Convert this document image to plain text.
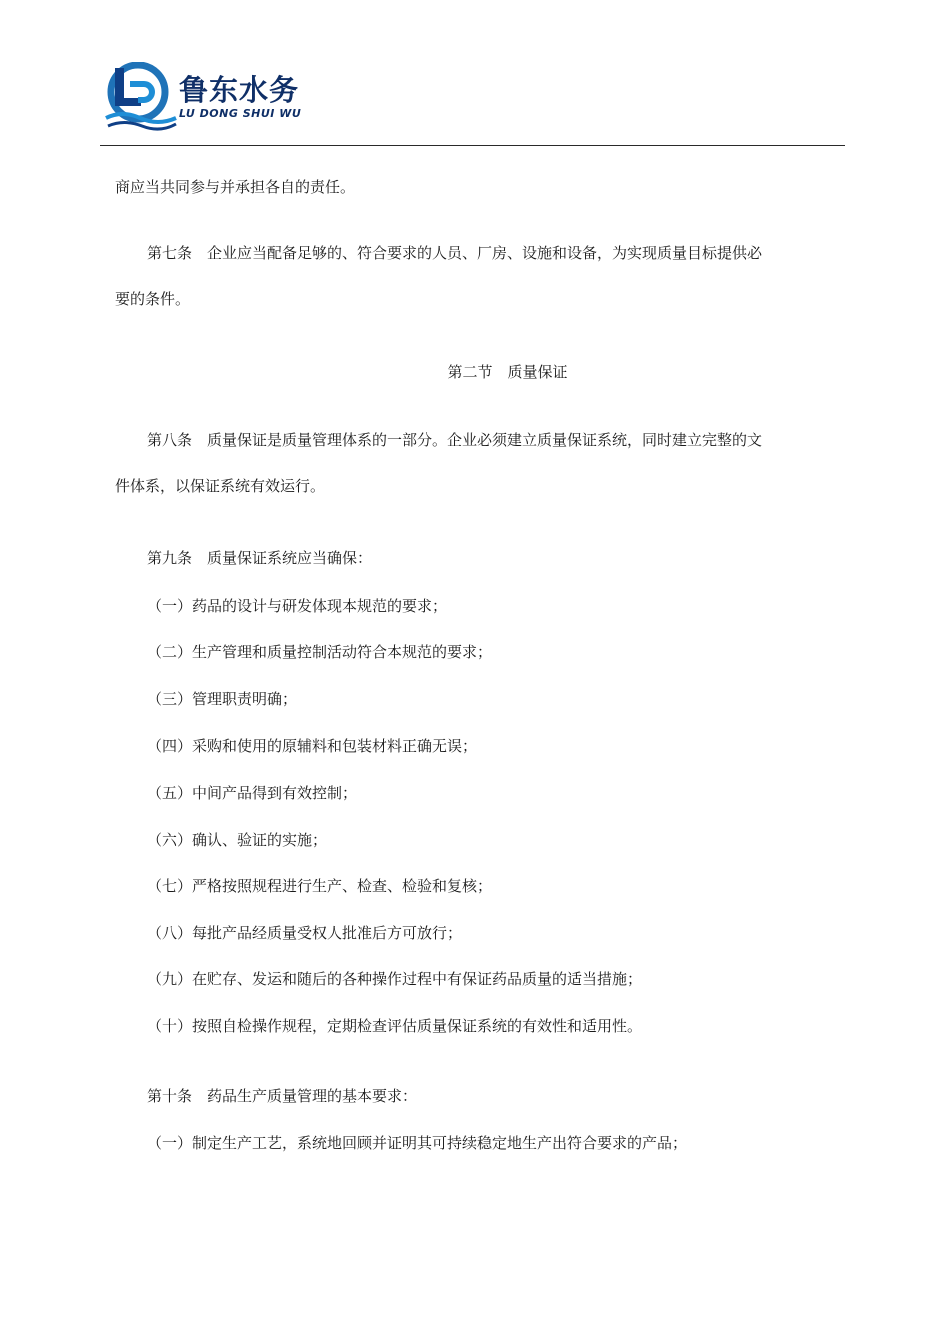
鲁东水务
LU DONG SHUI WU
商应当共同参与并承担各自的责任。
第七条　企业应当配备足够的、符合要求的人员、厂房、设施和设备，为实现质量目标提供必
要的条件。
第二节　质量保证
第八条　质量保证是质量管理体系的一部分。企业必须建立质量保证系统，同时建立完整的文
件体系，以保证系统有效运行。
第九条　质量保证系统应当确保：
（一）药品的设计与研发体现本规范的要求；
（二）生产管理和质量控制活动符合本规范的要求；
（三）管理职责明确；
（四）采购和使用的原辅料和包装材料正确无误；
（五）中间产品得到有效控制；
（六）确认、验证的实施；
（七）严格按照规程进行生产、检查、检验和复核；
（八）每批产品经质量受权人批准后方可放行；
（九）在贮存、发运和随后的各种操作过程中有保证药品质量的适当措施；
（十）按照自检操作规程，定期检查评估质量保证系统的有效性和适用性。
第十条　药品生产质量管理的基本要求：
（一）制定生产工艺，系统地回顾并证明其可持续稳定地生产出符合要求的产品；
